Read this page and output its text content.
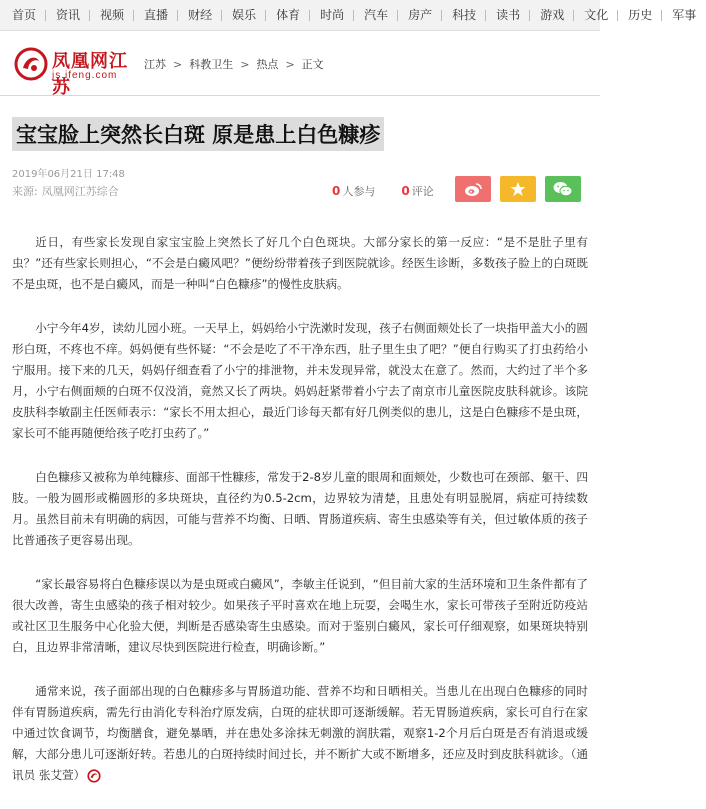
首页	资讯	视频	直播	财经	娱乐	体育	时尚	汽车	房产	科技	读书	游戏	文化	历史	军事
凤凰网江苏
js.ifeng.com
江苏 > 科教卫生 > 热点 > 正文
宝宝脸上突然长白斑 原是患上白色糠疹
2019年06月21日 17:48
来源: 凤凰网江苏综合	0 人参与 0 评论

近日，有些家长发现自家宝宝脸上突然长了好几个白色斑块。大部分家长的第一反应：“是不是肚子里有虫？”还有些家长则担心，“不会是白癜风吧？”便纷纷带着孩子到医院就诊。经医生诊断，多数孩子脸上的白斑既不是虫斑，也不是白癜风，而是一种叫“白色糠疹”的慢性皮肤病。

小宁今年4岁，读幼儿园小班。一天早上，妈妈给小宁洗漱时发现，孩子右侧面颊处长了一块指甲盖大小的圆形白斑，不疼也不痒。妈妈便有些怀疑：“不会是吃了不干净东西，肚子里生虫了吧？”便自行购买了打虫药给小宁服用。接下来的几天，妈妈仔细查看了小宁的排泄物，并未发现异常，就没太在意了。然而，大约过了半个多月，小宁右侧面颊的白斑不仅没消，竟然又长了两块。妈妈赶紧带着小宁去了南京市儿童医院皮肤科就诊。该院皮肤科李敏副主任医师表示：“家长不用太担心，最近门诊每天都有好几例类似的患儿，这是白色糠疹不是虫斑，家长可不能再随便给孩子吃打虫药了。”

白色糠疹又被称为单纯糠疹、面部干性糠疹，常发于2-8岁儿童的眼周和面颊处，少数也可在颈部、躯干、四肢。一般为圆形或椭圆形的多块斑块，直径约为0.5-2cm，边界较为清楚，且患处有明显脱屑，病症可持续数月。虽然目前未有明确的病因，可能与营养不均衡、日晒、胃肠道疾病、寄生虫感染等有关，但过敏体质的孩子比普通孩子更容易出现。

“家长最容易将白色糠疹误以为是虫斑或白癜风”，李敏主任说到，“但目前大家的生活环境和卫生条件都有了很大改善，寄生虫感染的孩子相对较少。如果孩子平时喜欢在地上玩耍，会喝生水，家长可带孩子至附近防疫站或社区卫生服务中心化验大便，判断是否感染寄生虫感染。而对于鉴别白癜风，家长可仔细观察，如果斑块特别白，且边界非常清晰，建议尽快到医院进行检查，明确诊断。”

通常来说，孩子面部出现的白色糠疹多与胃肠道功能、营养不均和日晒相关。当患儿在出现白色糠疹的同时伴有胃肠道疾病，需先行由消化专科治疗原发病，白斑的症状即可逐渐缓解。若无胃肠道疾病，家长可自行在家中通过饮食调节，均衡膳食，避免暴晒，并在患处多涂抹无刺激的润肤霜，观察1-2个月后白斑是否有消退或缓解，大部分患儿可逐渐好转。若患儿的白斑持续时间过长，并不断扩大或不断增多，还应及时到皮肤科就诊。（通讯员 张艾萱）
